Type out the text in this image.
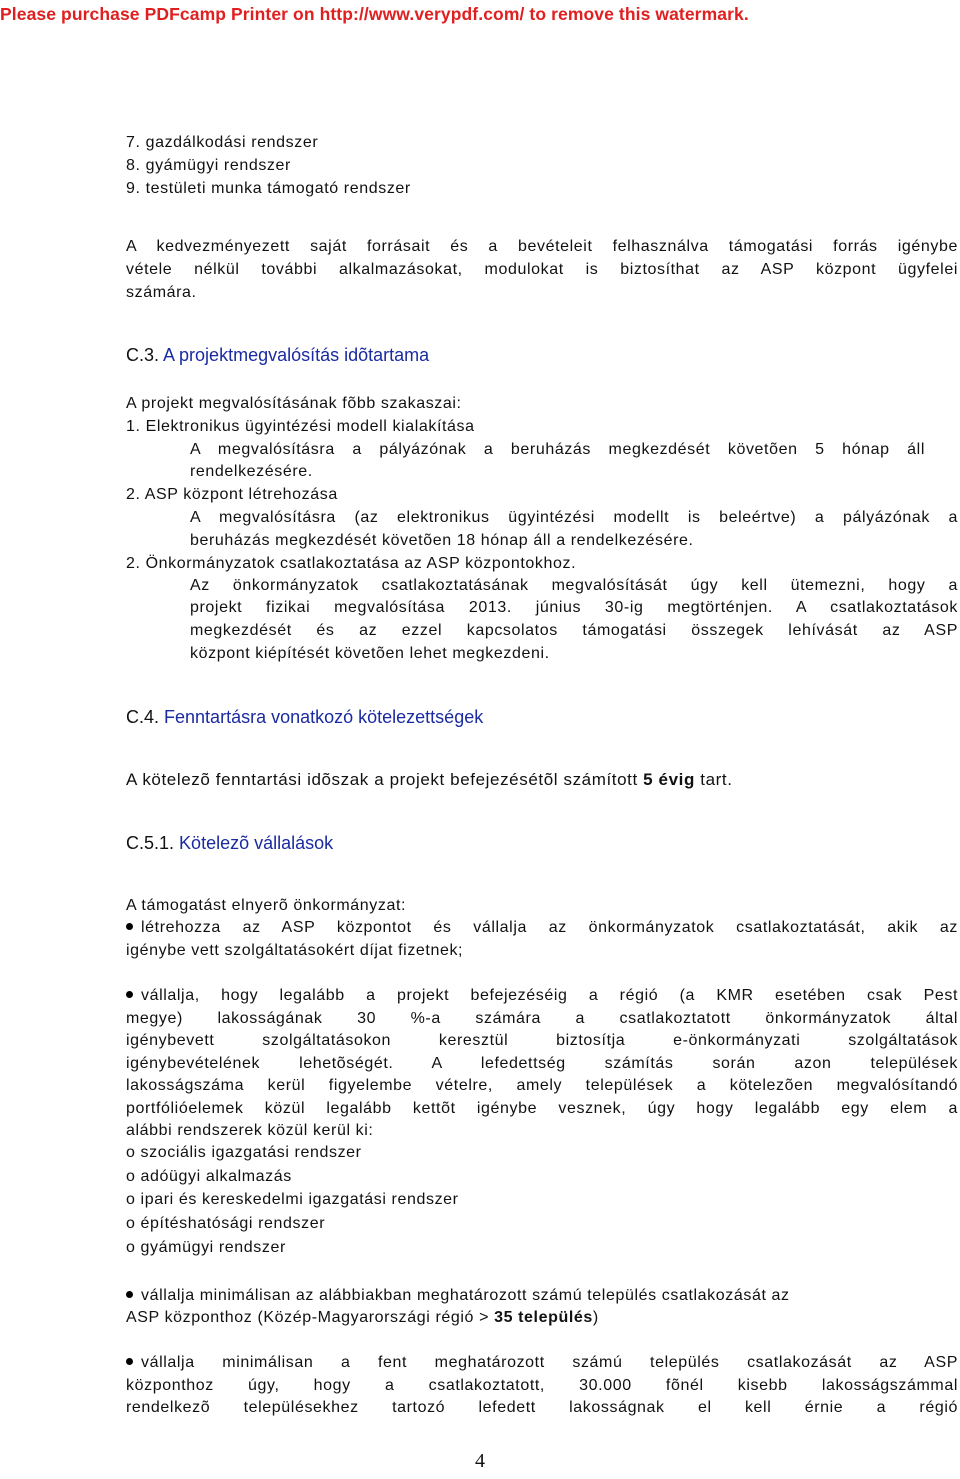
Please purchase PDFcamp Printer on http://www.verypdf.com/ to remove this watermark.
7. gazdálkodási rendszer
8. gyámügyi rendszer
9. testületi munka támogató rendszer
A kedvezményezett saját forrásait és a bevételeit felhasználva támogatási forrás igénybe
vétele nélkül további alkalmazásokat, modulokat is biztosíthat az ASP központ ügyfelei
számára.
C.3. A projektmegvalósítás idõtartama
A projekt megvalósításának fõbb szakaszai:
1. Elektronikus ügyintézési modell kialakítása
A megvalósításra a pályázónak a beruházás megkezdését követõen 5 hónap áll
rendelkezésére.
2. ASP központ létrehozása
A megvalósításra (az elektronikus ügyintézési modellt is beleértve) a pályázónak a
beruházás megkezdését követõen 18 hónap áll a rendelkezésére.
2. Önkormányzatok csatlakoztatása az ASP központokhoz.
Az önkormányzatok csatlakoztatásának megvalósítását úgy kell ütemezni, hogy a
projekt fizikai megvalósítása 2013. június 30-ig megtörténjen. A csatlakoztatások
megkezdését és az ezzel kapcsolatos támogatási összegek lehívását az ASP
központ kiépítését követõen lehet megkezdeni.
C.4. Fenntartásra vonatkozó kötelezettségek
A kötelezõ fenntartási idõszak a projekt befejezésétõl számított 5 évig tart.
C.5.1. Kötelezõ vállalások
A támogatást elnyerõ önkormányzat:
létrehozza az ASP központot és vállalja az önkormányzatok csatlakoztatását, akik az
igénybe vett szolgáltatásokért díjat fizetnek;
vállalja, hogy legalább a projekt befejezéséig a régió (a KMR esetében csak Pest
megye) lakosságának 30 %-a számára a csatlakoztatott önkormányzatok által
igénybevett szolgáltatásokon keresztül biztosítja e-önkormányzati szolgáltatások
igénybevételének lehetõségét. A lefedettség számítás során azon települések
lakosságszáma kerül figyelembe vételre, amely települések a kötelezõen megvalósítandó
portfólióelemek közül legalább kettõt igénybe vesznek, úgy hogy legalább egy elem a
alábbi rendszerek közül kerül ki:
o szociális igazgatási rendszer
o adóügyi alkalmazás
o ipari és kereskedelmi igazgatási rendszer
o építéshatósági rendszer
o gyámügyi rendszer
vállalja minimálisan az alábbiakban meghatározott számú település csatlakozását az
ASP központhoz (Közép-Magyarországi régió > 35 település)
vállalja minimálisan a fent meghatározott számú település csatlakozását az ASP
központhoz úgy, hogy a csatlakoztatott, 30.000 fõnél kisebb lakosságszámmal
rendelkezõ településekhez tartozó lefedett lakosságnak el kell érnie a régió
4
